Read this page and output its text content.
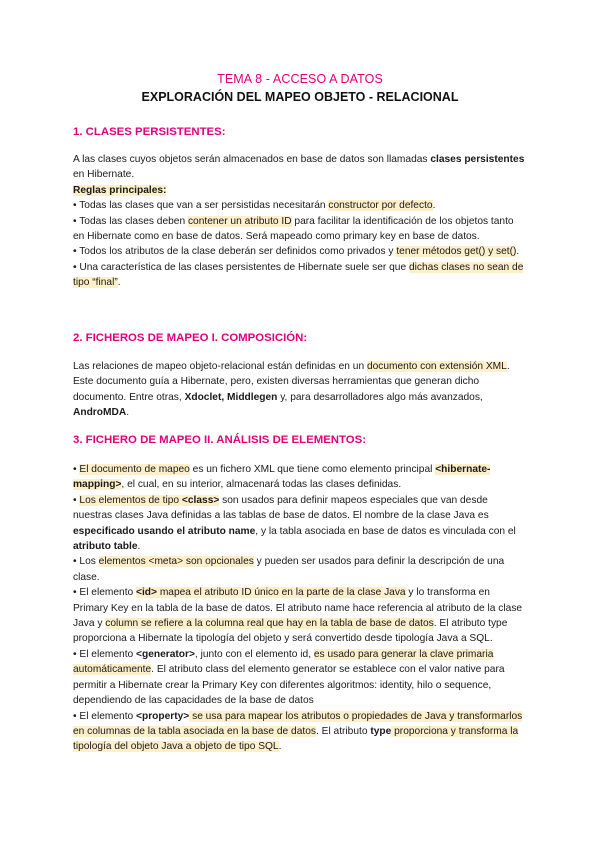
TEMA 8 - ACCESO A DATOS
EXPLORACIÓN DEL MAPEO OBJETO - RELACIONAL
1. CLASES PERSISTENTES:

A las clases cuyos objetos serán almacenados en base de datos son llamadas clases persistentes en Hibernate.

Reglas principales:

• Todas las clases que van a ser persistidas necesitarán constructor por defecto.

• Todas las clases deben contener un atributo ID para facilitar la identificación de los objetos tanto en Hibernate como en base de datos. Será mapeado como primary key en base de datos.

• Todos los atributos de la clase deberán ser definidos como privados y tener métodos get() y set().

• Una característica de las clases persistentes de Hibernate suele ser que dichas clases no sean de tipo “final”.

2. FICHEROS DE MAPEO I. COMPOSICIÓN:

Las relaciones de mapeo objeto-relacional están definidas en un documento con extensión XML. Este documento guía a Hibernate, pero, existen diversas herramientas que generan dicho documento. Entre otras, Xdoclet, Middlegen y, para desarrolladores algo más avanzados, AndroMDA.

3. FICHERO DE MAPEO II. ANÁLISIS DE ELEMENTOS:

• El documento de mapeo es un fichero XML que tiene como elemento principal <hibernate-mapping>, el cual, en su interior, almacenará todas las clases definidas.

• Los elementos de tipo <class> son usados para definir mapeos especiales que van desde nuestras clases Java definidas a las tablas de base de datos. El nombre de la clase Java es especificado usando el atributo name, y la tabla asociada en base de datos es vinculada con el atributo table.

• Los elementos <meta> son opcionales y pueden ser usados para definir la descripción de una clase.

• El elemento <id> mapea el atributo ID único en la parte de la clase Java y lo transforma en Primary Key en la tabla de la base de datos. El atributo name hace referencia al atributo de la clase Java y column se refiere a la columna real que hay en la tabla de base de datos. El atributo type proporciona a Hibernate la tipología del objeto y será convertido desde tipología Java a SQL.

• El elemento <generator>, junto con el elemento id, es usado para generar la clave primaria automáticamente. El atributo class del elemento generator se establece con el valor native para permitir a Hibernate crear la Primary Key con diferentes algoritmos: identity, hilo o sequence, dependiendo de las capacidades de la base de datos

• El elemento <property> se usa para mapear los atributos o propiedades de Java y transformarlos en columnas de la tabla asociada en la base de datos. El atributo type proporciona y transforma la tipología del objeto Java a objeto de tipo SQL.
